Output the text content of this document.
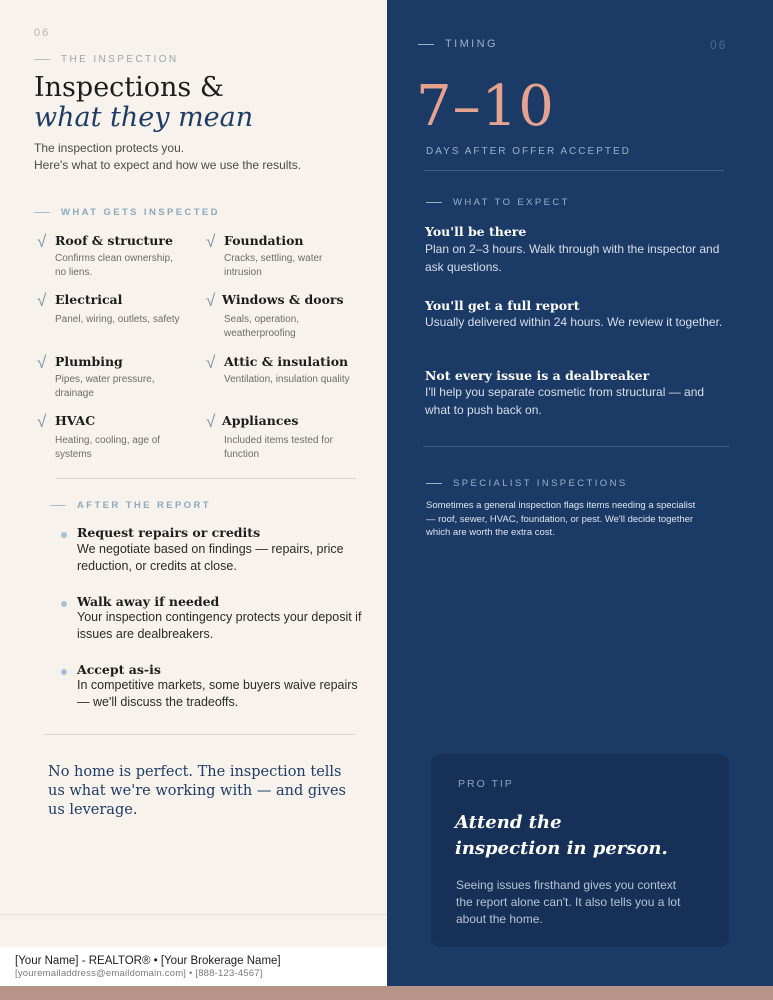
06
THE INSPECTION
Inspections &
what they mean
The inspection protects you.
Here's what to expect and how we use the results.
WHAT GETS INSPECTED
√ Roof & structure
Confirms clean ownership, no liens.
√ Foundation
Cracks, settling, water intrusion
√ Electrical
Panel, wiring, outlets, safety
√ Windows & doors
Seals, operation, weatherproofing
√ Plumbing
Pipes, water pressure, drainage
√ Attic & insulation
Ventilation, insulation quality
√ HVAC
Heating, cooling, age of systems
√ Appliances
Included items tested for function
AFTER THE REPORT
Request repairs or credits
We negotiate based on findings — repairs, price reduction, or credits at close.
Walk away if needed
Your inspection contingency protects your deposit if issues are dealbreakers.
Accept as-is
In competitive markets, some buyers waive repairs — we'll discuss the tradeoffs.
No home is perfect. The inspection tells us what we're working with — and gives us leverage.
[Your Name] - REALTOR® • [Your Brokerage Name]
[youremailaddress@emaildomain.com] • [888-123-4567]
TIMING	06
7–10
DAYS AFTER OFFER ACCEPTED
WHAT TO EXPECT
You'll be there
Plan on 2–3 hours. Walk through with the inspector and ask questions.
You'll get a full report
Usually delivered within 24 hours. We review it together.
Not every issue is a dealbreaker
I'll help you separate cosmetic from structural — and what to push back on.
SPECIALIST INSPECTIONS
Sometimes a general inspection flags items needing a specialist — roof, sewer, HVAC, foundation, or pest. We'll decide together which are worth the extra cost.
PRO TIP
Attend the
inspection in person.
Seeing issues firsthand gives you context the report alone can't. It also tells you a lot about the home.
